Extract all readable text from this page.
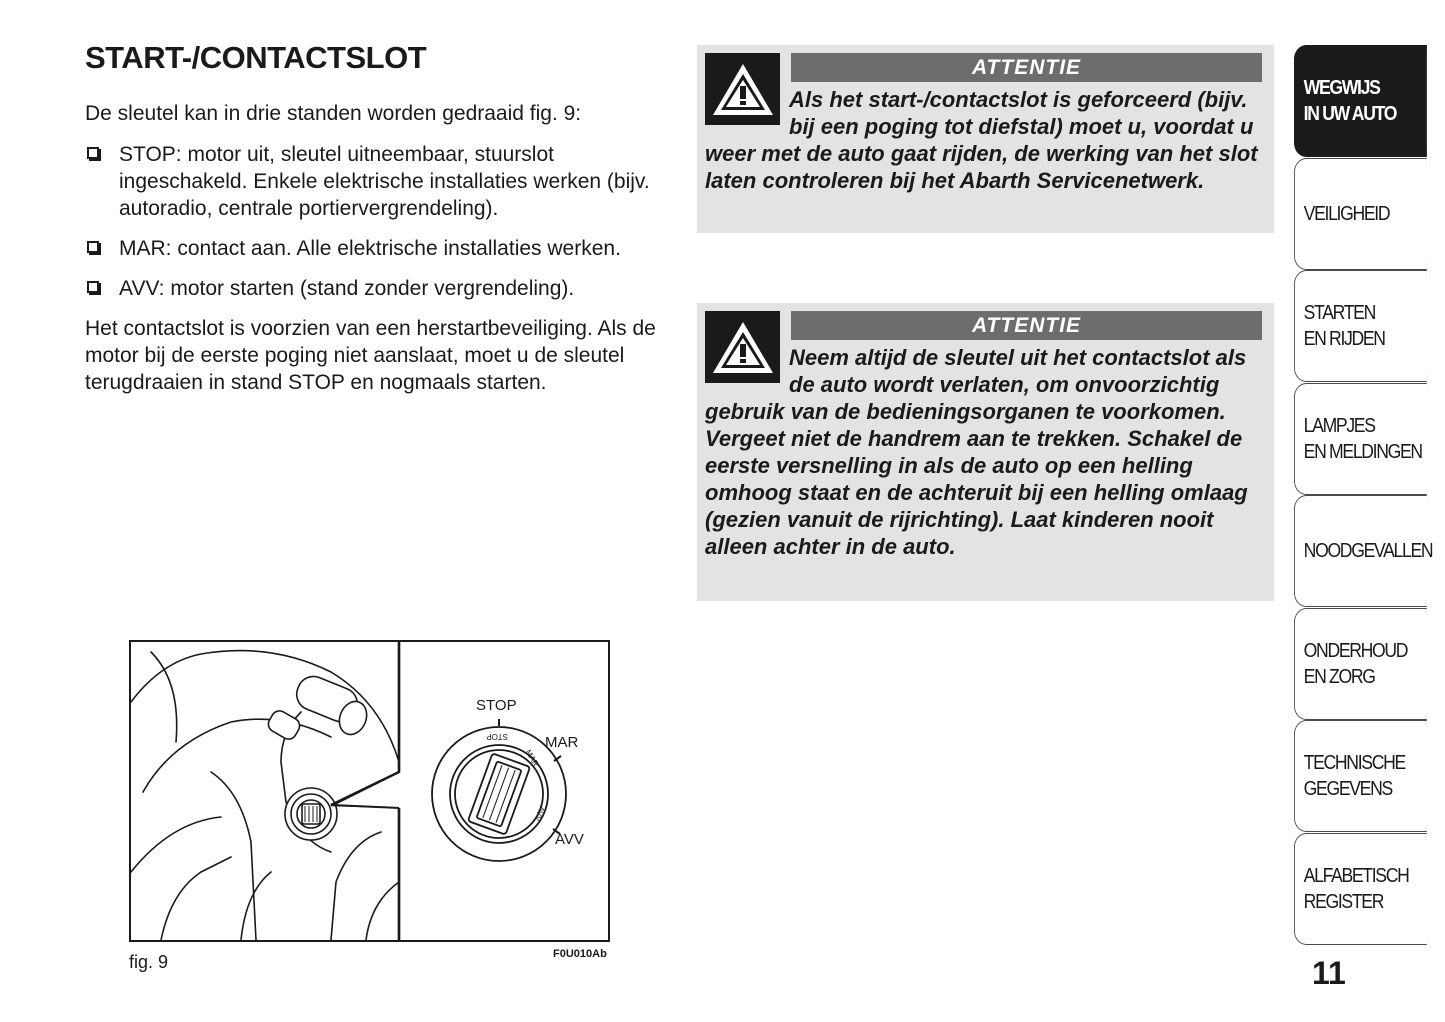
START-/CONTACTSLOT

De sleutel kan in drie standen worden gedraaid fig. 9:

STOP: motor uit, sleutel uitneembaar, stuurslot ingeschakeld. Enkele elektrische installaties werken (bijv. autoradio, centrale portiervergrendeling).
MAR: contact aan. Alle elektrische installaties werken.
AVV: motor starten (stand zonder vergrendeling).

Het contactslot is voorzien van een herstartbeveiliging. Als de motor bij de eerste poging niet aanslaat, moet u de sleutel terugdraaien in stand STOP en nogmaals starten.

ATTENTIE
Als het start-/contactslot is geforceerd (bijv. bij een poging tot diefstal) moet u, voordat u weer met de auto gaat rijden, de werking van het slot laten controleren bij het Abarth Servicenetwerk.
ATTENTIE
Neem altijd de sleutel uit het contactslot als de auto wordt verlaten, om onvoorzichtig gebruik van de bedieningsorganen te voorkomen. Vergeet niet de handrem aan te trekken. Schakel de eerste versnelling in als de auto op een helling omhoog staat en de achteruit bij een helling omlaag (gezien vanuit de rijrichting). Laat kinderen nooit alleen achter in de auto.
STOP
MAR
AVV
STOP
MAR
AVV
fig. 9	F0U010Ab
WEGWIJS
IN UW AUTO
VEILIGHEID
STARTEN
EN RIJDEN
LAMPJES
EN MELDINGEN
NOODGEVALLEN
ONDERHOUD
EN ZORG
TECHNISCHE
GEGEVENS
ALFABETISCH
REGISTER
11
